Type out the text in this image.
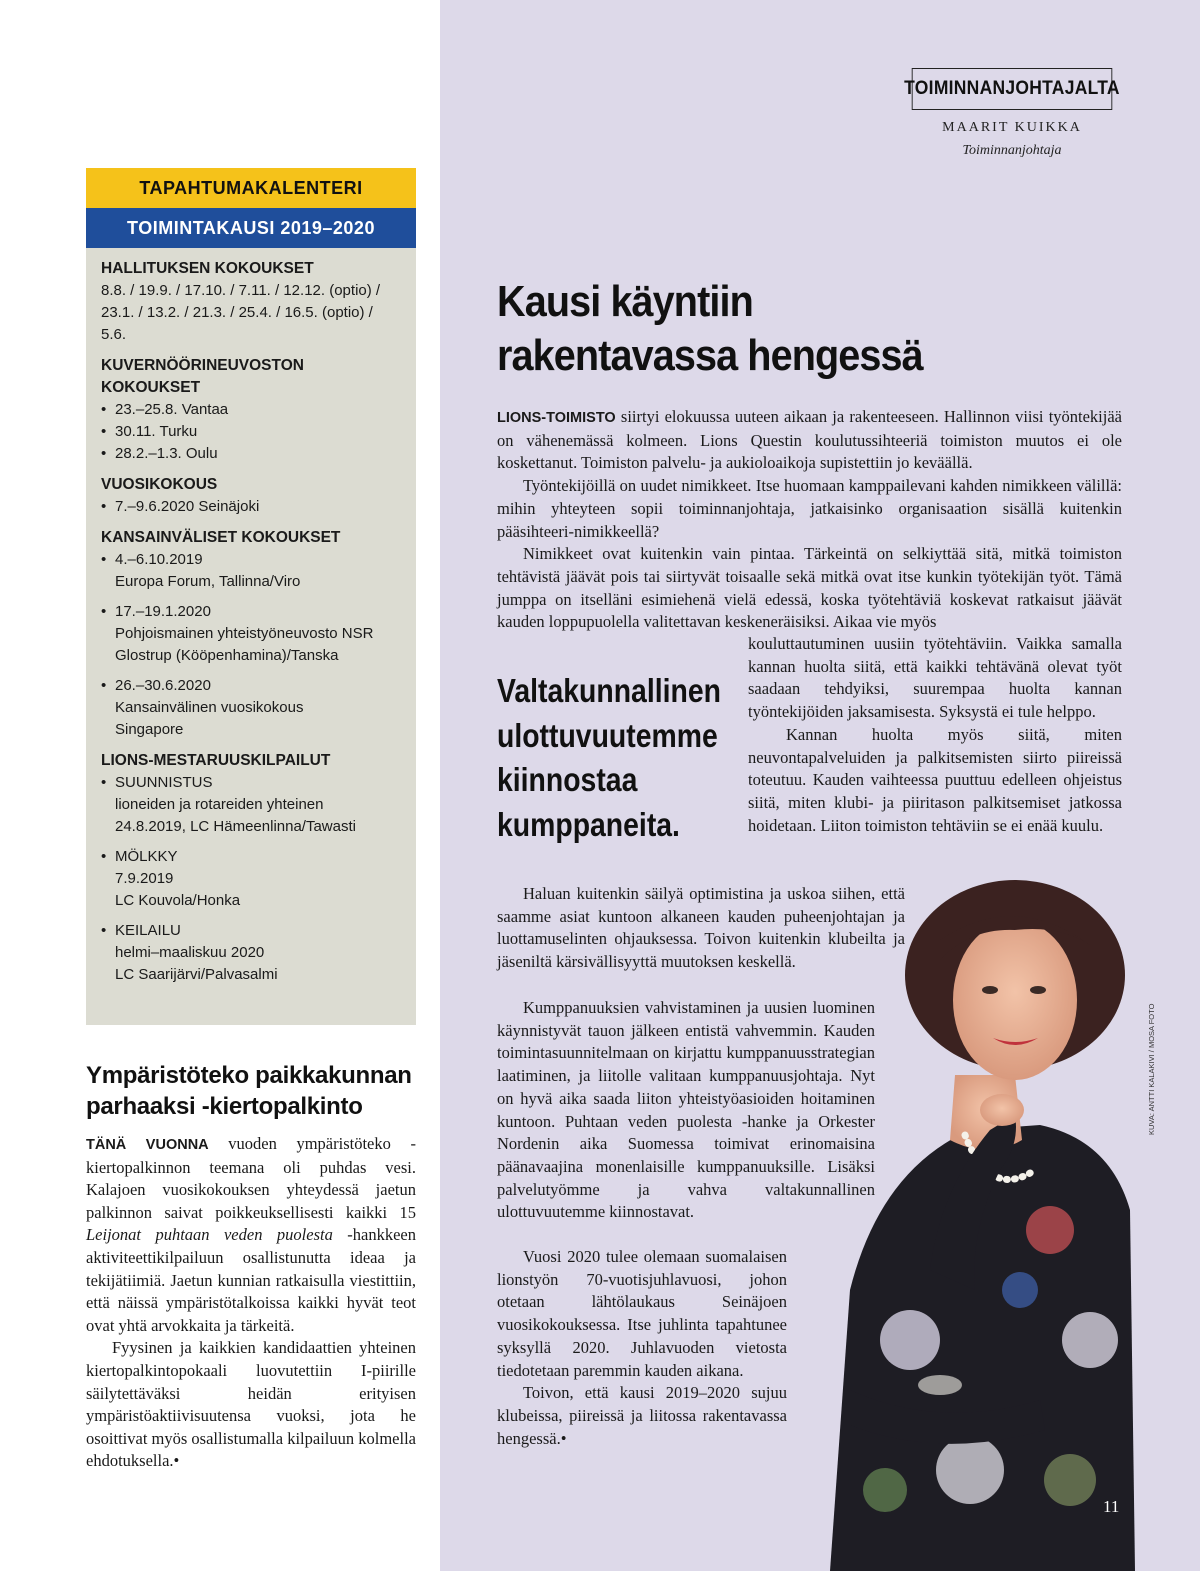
TOIMINNANJOHTAJALTA
MAARIT KUIKKA
Toiminnanjohtaja
TAPAHTUMAKALENTERI
TOIMINTAKAUSI 2019–2020
HALLITUKSEN KOKOUKSET
8.8. / 19.9. / 17.10. / 7.11. / 12.12. (optio) /
23.1. / 13.2. / 21.3. / 25.4. / 16.5. (optio) /
5.6.
KUVERNÖÖRINEUVOSTON
KOKOUKSET
• 23.–25.8. Vantaa
• 30.11. Turku
• 28.2.–1.3. Oulu
VUOSIKOKOUS
• 7.–9.6.2020 Seinäjoki
KANSAINVÄLISET KOKOUKSET
• 4.–6.10.2019
Europa Forum, Tallinna/Viro
• 17.–19.1.2020
Pohjoismainen yhteistyöneuvosto NSR
Glostrup (Kööpenhamina)/Tanska
• 26.–30.6.2020
Kansainvälinen vuosikokous
Singapore
LIONS-MESTARUUSKILPAILUT
• SUUNNISTUS
lioneiden ja rotareiden yhteinen
24.8.2019, LC Hämeenlinna/Tawasti
• MÖLKKY
7.9.2019
LC Kouvola/Honka
• KEILAILU
helmi–maaliskuu 2020
LC Saarijärvi/Palvasalmi
Ympäristöteko paikkakunnan
parhaaksi -kiertopalkinto

TÄNÄ VUONNA vuoden ympäristöteko -kiertopalkinnon teemana oli puhdas vesi. Kalajoen vuosikokouksen yhteydessä jaetun palkinnon saivat poikkeuksellisesti kaikki 15 Leijonat puhtaan veden puolesta -hankkeen aktiviteettikilpailuun osallistunutta ideaa ja tekijätiimiä. Jaetun kunnian ratkaisulla viestittiin, että näissä ympäristötalkoissa kaikki hyvät teot ovat yhtä arvokkaita ja tärkeitä.

Fyysinen ja kaikkien kandidaattien yhteinen kiertopalkintopokaali luovutettiin I-piirille säilytettäväksi heidän erityisen ympäristöaktiivisuutensa vuoksi, jota he osoittivat myös osallistumalla kilpailuun kolmella ehdotuksella.•

Kausi käyntiin
rakentavassa hengessä

LIONS-TOIMISTO siirtyi elokuussa uuteen aikaan ja rakenteeseen. Hallinnon viisi työntekijää on vähenemässä kolmeen. Lions Questin koulutussihteeriä toimiston muutos ei ole koskettanut. Toimiston palvelu- ja aukioloaikoja supistettiin jo keväällä.

Työntekijöillä on uudet nimikkeet. Itse huomaan kamppailevani kahden nimikkeen välillä: mihin yhteyteen sopii toiminnanjohtaja, jatkaisinko organisaation sisällä kuitenkin pääsihteeri-nimikkeellä?

Nimikkeet ovat kuitenkin vain pintaa. Tärkeintä on selkiyttää sitä, mitkä toimiston tehtävistä jäävät pois tai siirtyvät toisaalle sekä mitkä ovat itse kunkin työtekijän työt. Tämä jumppa on itselläni esimiehenä vielä edessä, koska työtehtäviä koskevat ratkaisut jäävät kauden loppupuolella valitettavan keskeneräisiksi. Aikaa vie myös

Valtakunnallinen
ulottuvuutemme
kiinnostaa
kumppaneita.

kouluttautuminen uusiin työtehtäviin. Vaikka samalla kannan huolta siitä, että kaikki tehtävänä olevat työt saadaan tehdyiksi, suurempaa huolta kannan työntekijöiden jaksamisesta. Syksystä ei tule helppo.

Kannan huolta myös siitä, miten neuvontapalveluiden ja palkitsemisten siirto piireissä toteutuu. Kauden vaihteessa puuttuu edelleen ohjeistus siitä, miten klubi- ja piiritason palkitsemiset jatkossa hoidetaan. Liiton toimiston tehtäviin se ei enää kuulu.

Haluan kuitenkin säilyä optimistina ja uskoa siihen, että saamme asiat kuntoon alkaneen kauden puheenjohtajan ja luottamuselinten ohjauksessa. Toivon kuitenkin klubeilta ja jäseniltä kärsivällisyyttä muutoksen keskellä.

Kumppanuuksien vahvistaminen ja uusien luominen käynnistyvät tauon jälkeen entistä vahvemmin. Kauden toimintasuunnitelmaan on kirjattu kumppanuusstrategian laatiminen, ja liitolle valitaan kumppanuusjohtaja. Nyt on hyvä aika saada liiton yhteistyöasioiden hoitaminen kuntoon. Puhtaan veden puolesta -hanke ja Orkester Nordenin aika Suomessa toimivat erinomaisina päänavaajina monenlaisille kumppanuuksille. Lisäksi palvelutyömme ja vahva valtakunnallinen ulottuvuutemme kiinnostavat.

Vuosi 2020 tulee olemaan suomalaisen lionstyön 70-vuotisjuhlavuosi, johon otetaan lähtölaukaus Seinäjoen vuosikokouksessa. Itse juhlinta tapahtunee syksyllä 2020. Juhlavuoden vietosta tiedotetaan paremmin kauden aikana.

Toivon, että kausi 2019–2020 sujuu klubeissa, piireissä ja liitossa rakentavassa hengessä.•

KUVA: ANTTI KALAKIVI / MOSA FOTO
11
